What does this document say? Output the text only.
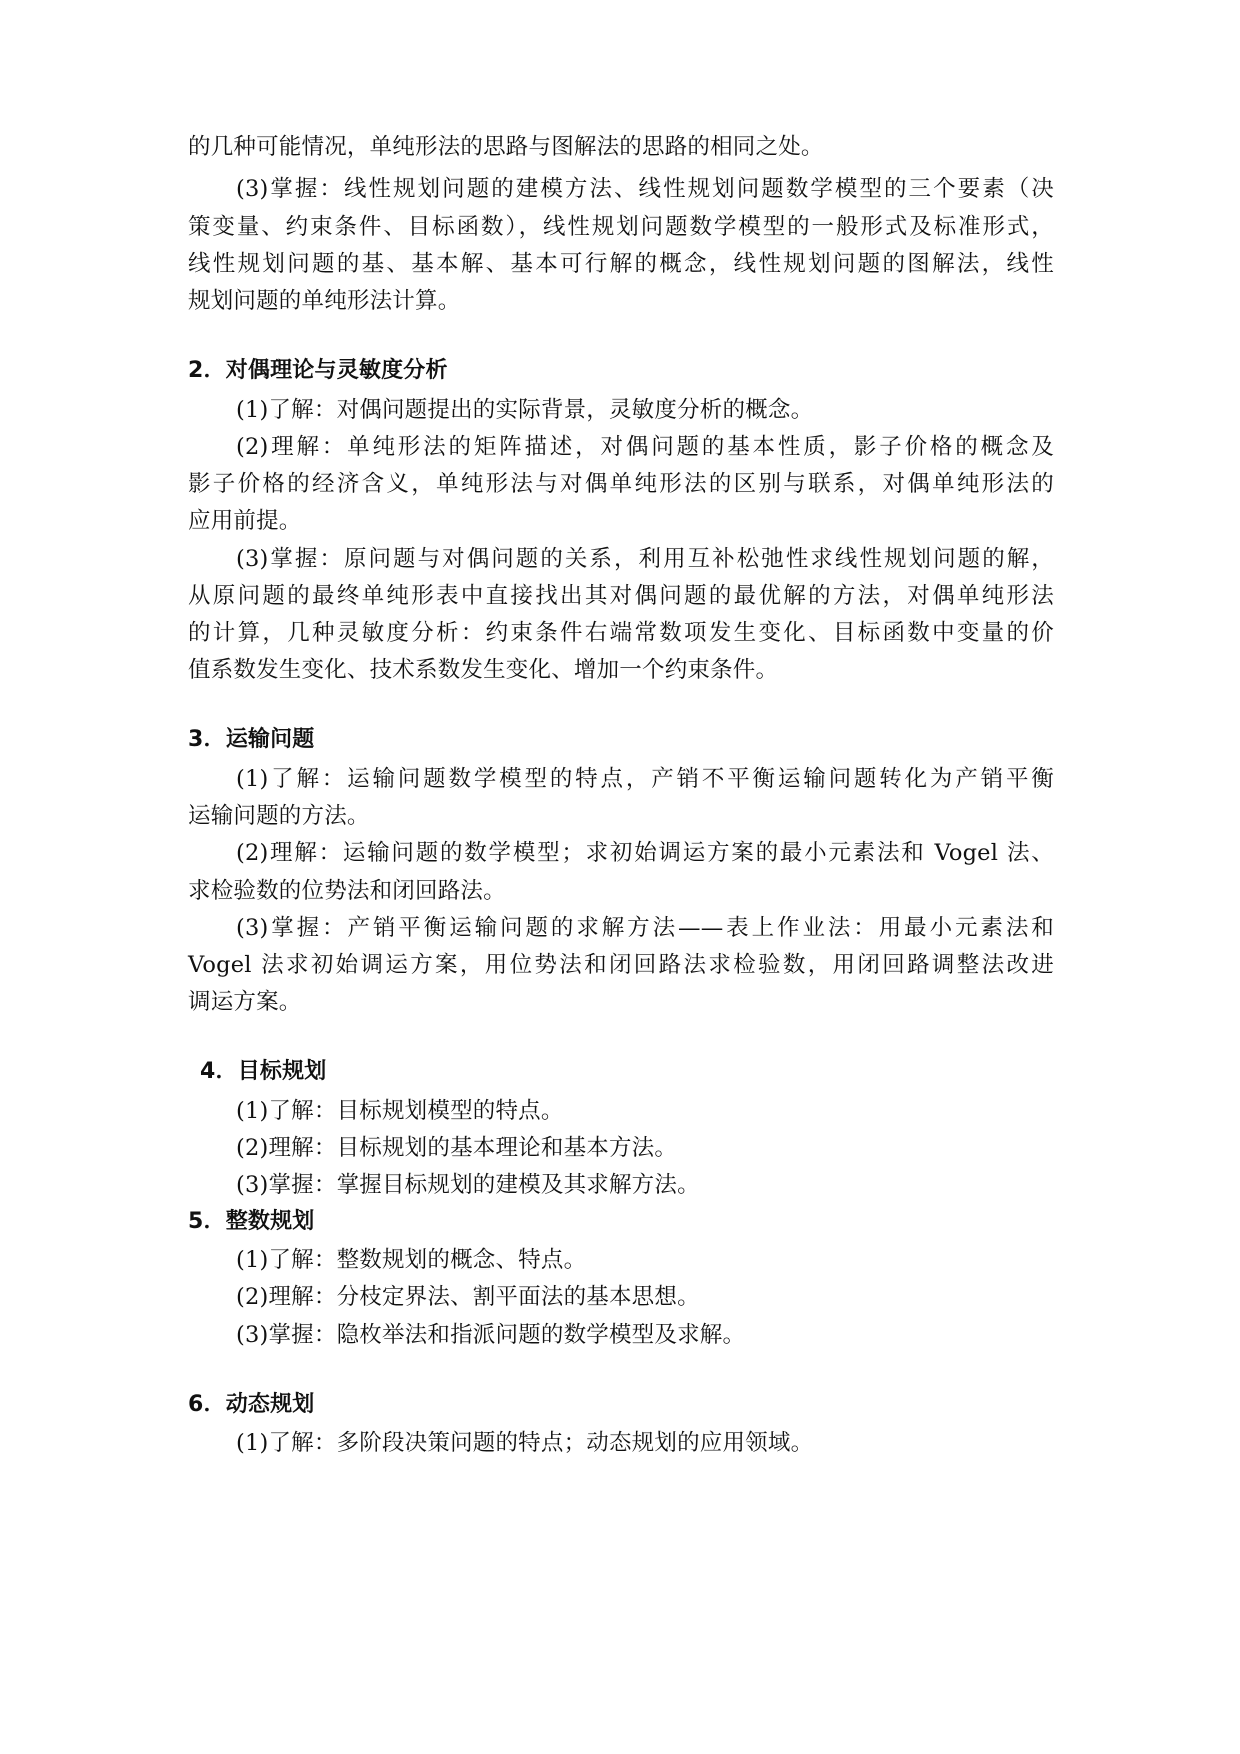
的几种可能情况，单纯形法的思路与图解法的思路的相同之处。
(3)掌握：线性规划问题的建模方法、线性规划问题数学模型的三个要素（决
策变量、约束条件、目标函数），线性规划问题数学模型的一般形式及标准形式，
线性规划问题的基、基本解、基本可行解的概念，线性规划问题的图解法，线性
规划问题的单纯形法计算。
2．对偶理论与灵敏度分析
(1)了解：对偶问题提出的实际背景，灵敏度分析的概念。
(2)理解：单纯形法的矩阵描述，对偶问题的基本性质，影子价格的概念及
影子价格的经济含义，单纯形法与对偶单纯形法的区别与联系，对偶单纯形法的
应用前提。
(3)掌握：原问题与对偶问题的关系，利用互补松弛性求线性规划问题的解，
从原问题的最终单纯形表中直接找出其对偶问题的最优解的方法，对偶单纯形法
的计算，几种灵敏度分析：约束条件右端常数项发生变化、目标函数中变量的价
值系数发生变化、技术系数发生变化、增加一个约束条件。
3．运输问题
(1)了解：运输问题数学模型的特点，产销不平衡运输问题转化为产销平衡
运输问题的方法。
(2)理解：运输问题的数学模型；求初始调运方案的最小元素法和 Vogel 法、
求检验数的位势法和闭回路法。
(3)掌握：产销平衡运输问题的求解方法——表上作业法：用最小元素法和
Vogel 法求初始调运方案，用位势法和闭回路法求检验数，用闭回路调整法改进
调运方案。
4．目标规划
(1)了解：目标规划模型的特点。
(2)理解：目标规划的基本理论和基本方法。
(3)掌握：掌握目标规划的建模及其求解方法。
5．整数规划
(1)了解：整数规划的概念、特点。
(2)理解：分枝定界法、割平面法的基本思想。
(3)掌握：隐枚举法和指派问题的数学模型及求解。
6．动态规划
(1)了解：多阶段决策问题的特点；动态规划的应用领域。
